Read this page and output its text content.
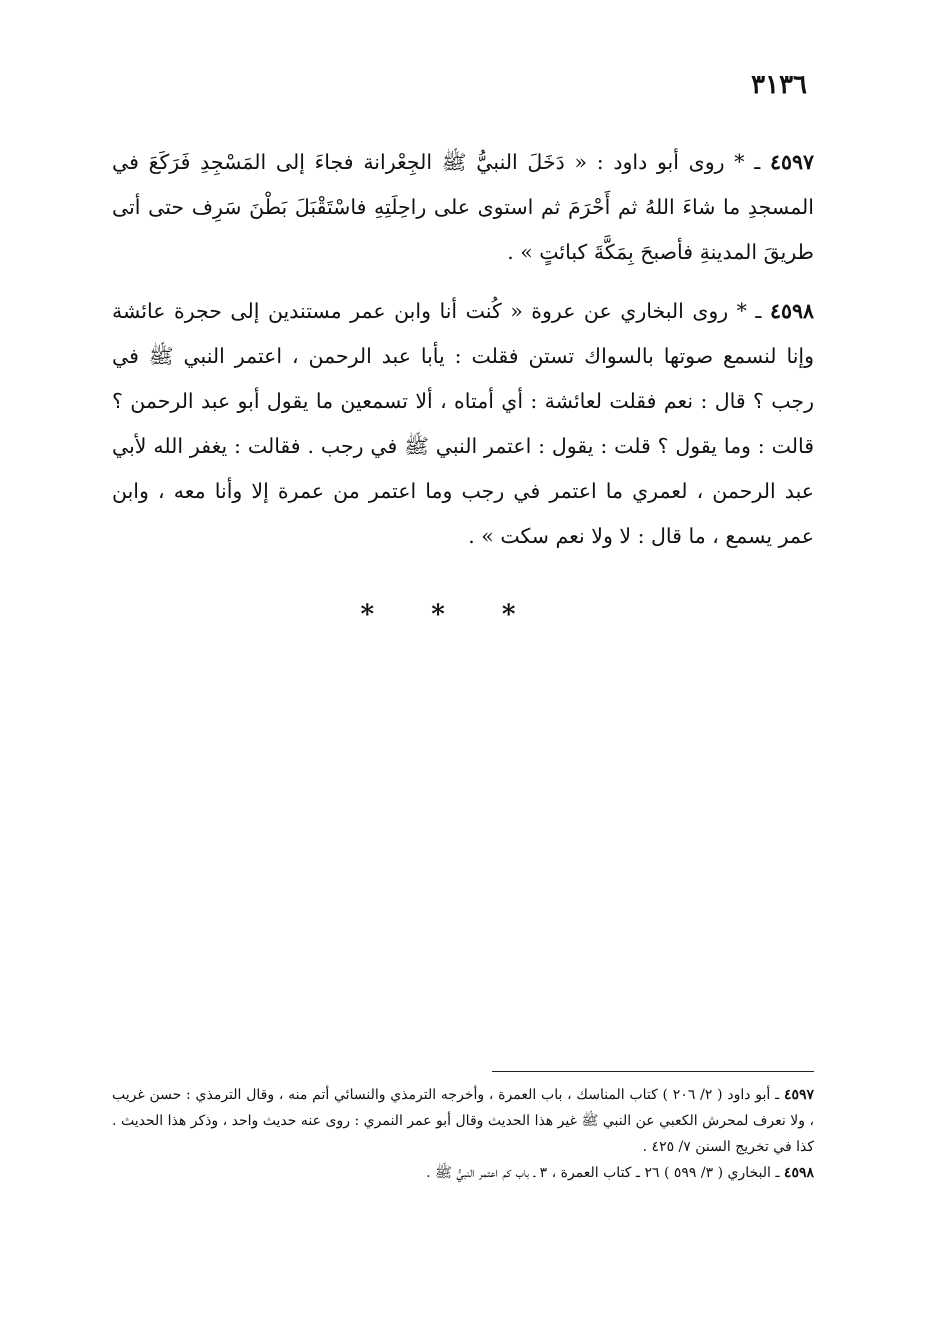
٣١٣٦

٤٥٩٧ ـ * روى أبو داود : « دَخَلَ النبيُّ ﷺ الجِعْرانة فجاءَ إلى المَسْجِدِ فَرَكَعَ في المسجدِ ما شاءَ اللهُ ثم أَحْرَمَ ثم استوى على راحِلَتِهِ فاسْتَقْبَلَ بَطْنَ سَرِف حتى أتى طريقَ المدينةِ فأصبحَ بِمَكَّةَ كبائتٍ » .

٤٥٩٨ ـ * روى البخاري عن عروة « كُنت أنا وابن عمر مستندين إلى حجرة عائشة وإنا لنسمع صوتها بالسواك تستن فقلت : يأبا عبد الرحمن ، اعتمر النبي ﷺ في رجب ؟ قال : نعم فقلت لعائشة : أي أمتاه ، ألا تسمعين ما يقول أبو عبد الرحمن ؟ قالت : وما يقول ؟ قلت : يقول : اعتمر النبي ﷺ في رجب . فقالت : يغفر الله لأبي عبد الرحمن ، لعمري ما اعتمر في رجب وما اعتمر من عمرة إلا وأنا معه ، وابن عمر يسمع ، ما قال : لا ولا نعم سكت » .

* * *

٤٥٩٧ ـ أبو داود ( ٢/ ٢٠٦ ) كتاب المناسك ، باب العمرة ، وأخرجه الترمذي والنسائي أتم منه ، وقال الترمذي : حسن غريب ، ولا نعرف لمحرش الكعبي عن النبي ﷺ غير هذا الحديث وقال أبو عمر النمري : روى عنه حديث واحد ، وذكر هذا الحديث . كذا في تخريج السنن ٧/ ٤٢٥ .

٤٥٩٨ ـ البخاري ( ٣/ ٥٩٩ ) ٢٦ ـ كتاب العمرة ، ٣ ـ باب كم اعتمر النبيُّ ﷺ .
